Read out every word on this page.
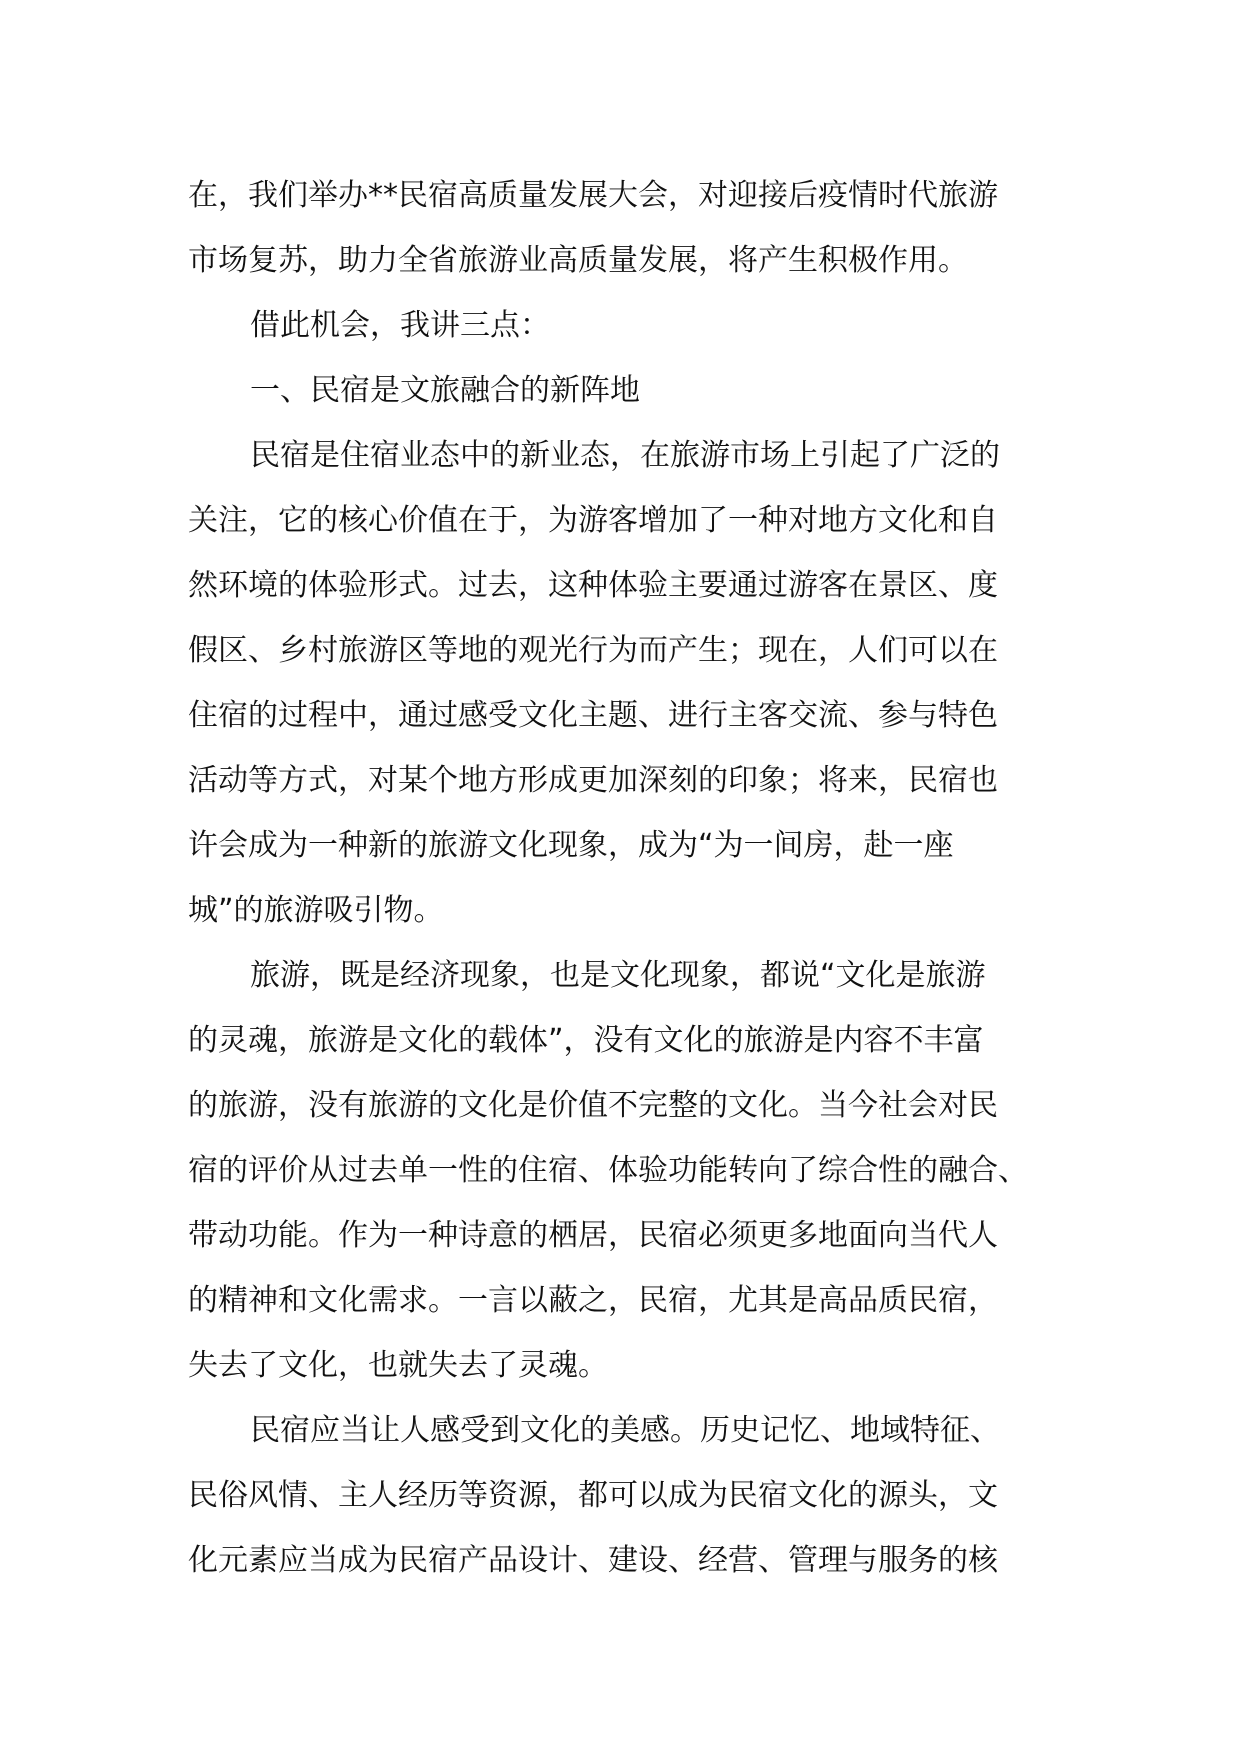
在，我们举办**民宿高质量发展大会，对迎接后疫情时代旅游
市场复苏，助力全省旅游业高质量发展，将产生积极作用。
借此机会，我讲三点：
一、民宿是文旅融合的新阵地
民宿是住宿业态中的新业态，在旅游市场上引起了广泛的
关注，它的核心价值在于，为游客增加了一种对地方文化和自
然环境的体验形式。过去，这种体验主要通过游客在景区、度
假区、乡村旅游区等地的观光行为而产生；现在，人们可以在
住宿的过程中，通过感受文化主题、进行主客交流、参与特色
活动等方式，对某个地方形成更加深刻的印象；将来，民宿也
许会成为一种新的旅游文化现象，成为“为一间房，赴一座
城”的旅游吸引物。
旅游，既是经济现象，也是文化现象，都说“文化是旅游
的灵魂，旅游是文化的载体”，没有文化的旅游是内容不丰富
的旅游，没有旅游的文化是价值不完整的文化。当今社会对民
宿的评价从过去单一性的住宿、体验功能转向了综合性的融合、
带动功能。作为一种诗意的栖居，民宿必须更多地面向当代人
的精神和文化需求。一言以蔽之，民宿，尤其是高品质民宿，
失去了文化，也就失去了灵魂。
民宿应当让人感受到文化的美感。历史记忆、地域特征、
民俗风情、主人经历等资源，都可以成为民宿文化的源头，文
化元素应当成为民宿产品设计、建设、经营、管理与服务的核
